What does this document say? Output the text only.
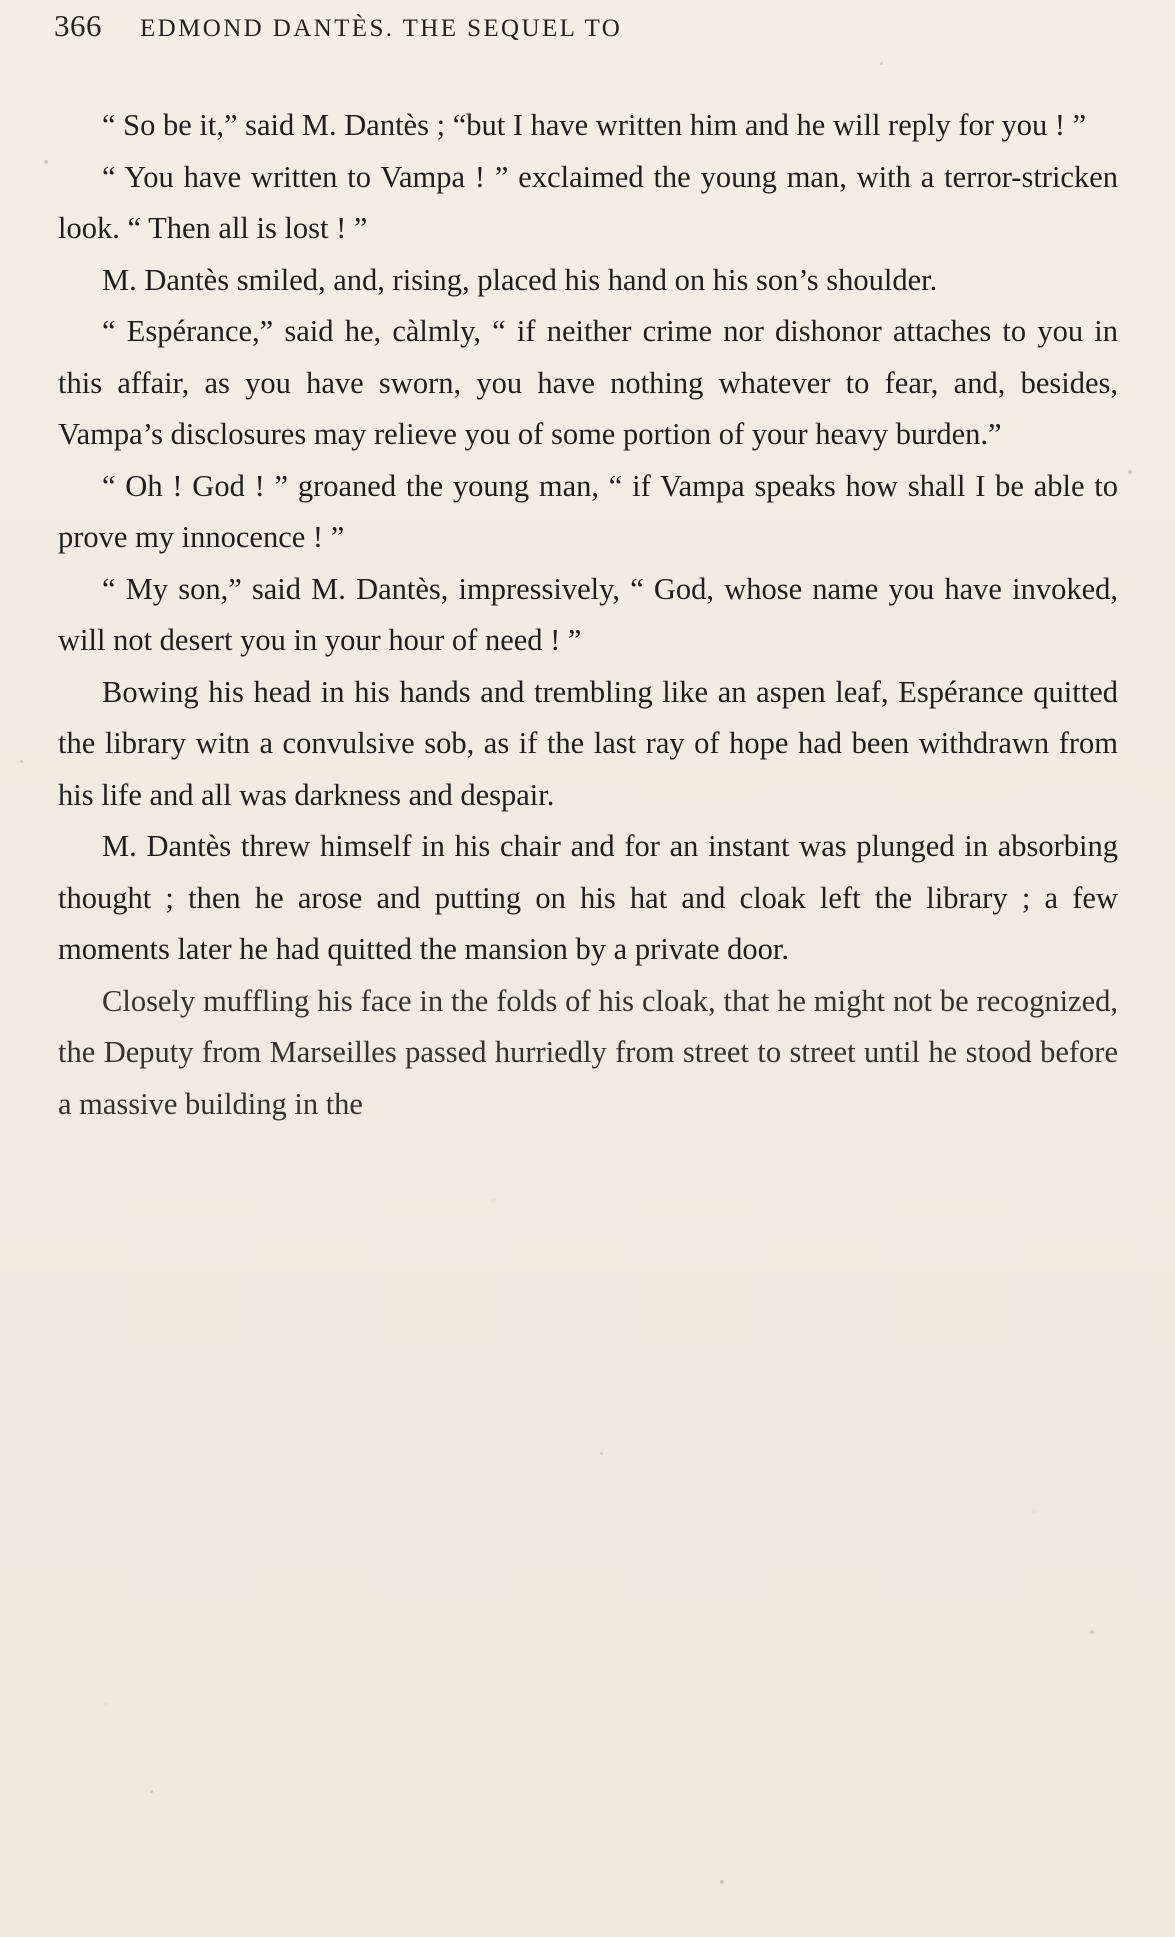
366	EDMOND DANTÈS. THE SEQUEL TO

“ So be it,” said M. Dantès ; “but I have written him and he will reply for you ! ”

“ You have written to Vampa ! ” exclaimed the young man, with a terror-stricken look. “ Then all is lost ! ”

M. Dantès smiled, and, rising, placed his hand on his son’s shoulder.

“ Espérance,” said he, càlmly, “ if neither crime nor dishonor attaches to you in this affair, as you have sworn, you have nothing whatever to fear, and, besides, Vampa’s disclosures may relieve you of some portion of your heavy burden.”

“ Oh ! God ! ” groaned the young man, “ if Vampa speaks how shall I be able to prove my innocence ! ”

“ My son,” said M. Dantès, impressively, “ God, whose name you have invoked, will not desert you in your hour of need ! ”

Bowing his head in his hands and trembling like an aspen leaf, Espérance quitted the library witn a convulsive sob, as if the last ray of hope had been withdrawn from his life and all was darkness and despair.

M. Dantès threw himself in his chair and for an instant was plunged in absorbing thought ; then he arose and putting on his hat and cloak left the library ; a few moments later he had quitted the mansion by a private door.

Closely muffling his face in the folds of his cloak, that he might not be recognized, the Deputy from Marseilles passed hurriedly from street to street until he stood before a massive building in the
